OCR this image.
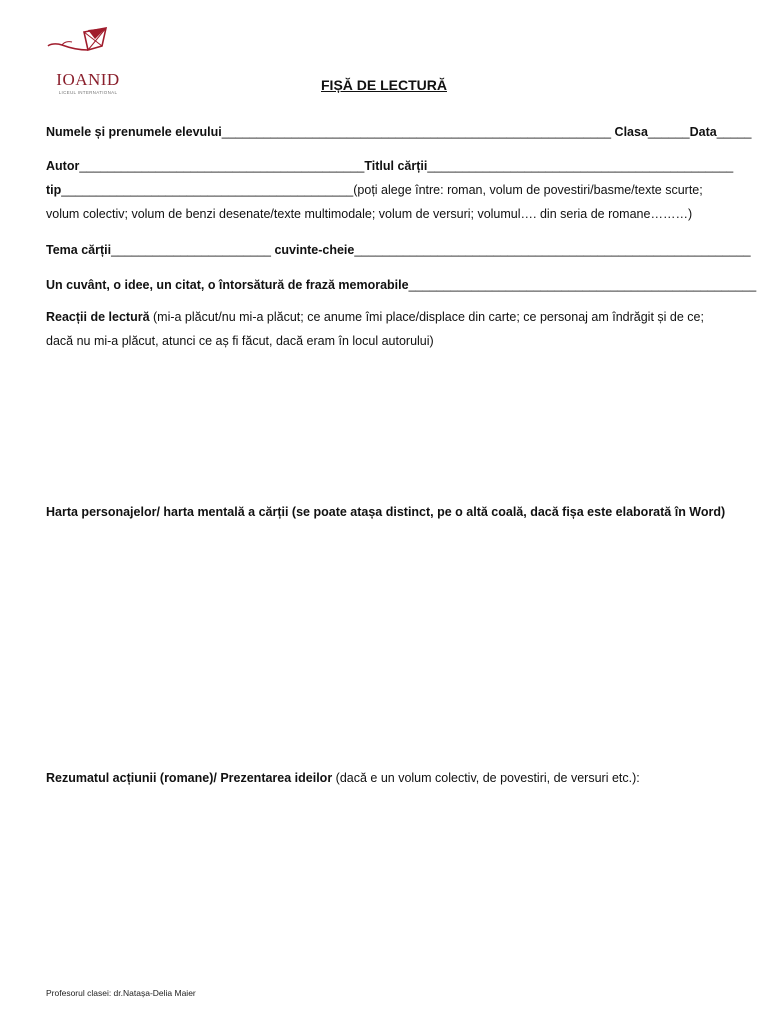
IOANID
LICEUL INTERNATIONAL	FIȘĂ DE LECTURĂ
Numele și prenumele elevului________________________________________________________ Clasa______Data_____
Autor_________________________________________Titlul cărții____________________________________________
tip__________________________________________(poți alege între: roman, volum de povestiri/basme/texte scurte; volum colectiv; volum de benzi desenate/texte multimodale; volum de versuri; volumul…. din seria de romane………)
Tema cărții_______________________ cuvinte-cheie_________________________________________________________
Un cuvânt, o idee, un citat, o întorsătură de frază memorabile__________________________________________________
Reacții de lectură (mi-a plăcut/nu mi-a plăcut; ce anume îmi place/displace din carte; ce personaj am îndrăgit și de ce; dacă nu mi-a plăcut, atunci ce aș fi făcut, dacă eram în locul autorului)
Harta personajelor/ harta mentală a cărții (se poate atașa distinct, pe o altă coală, dacă fișa este elaborată în Word)
Rezumatul acțiunii (romane)/ Prezentarea ideilor (dacă e un volum colectiv, de povestiri, de versuri etc.):
Profesorul clasei: dr.Natașa-Delia Maier
